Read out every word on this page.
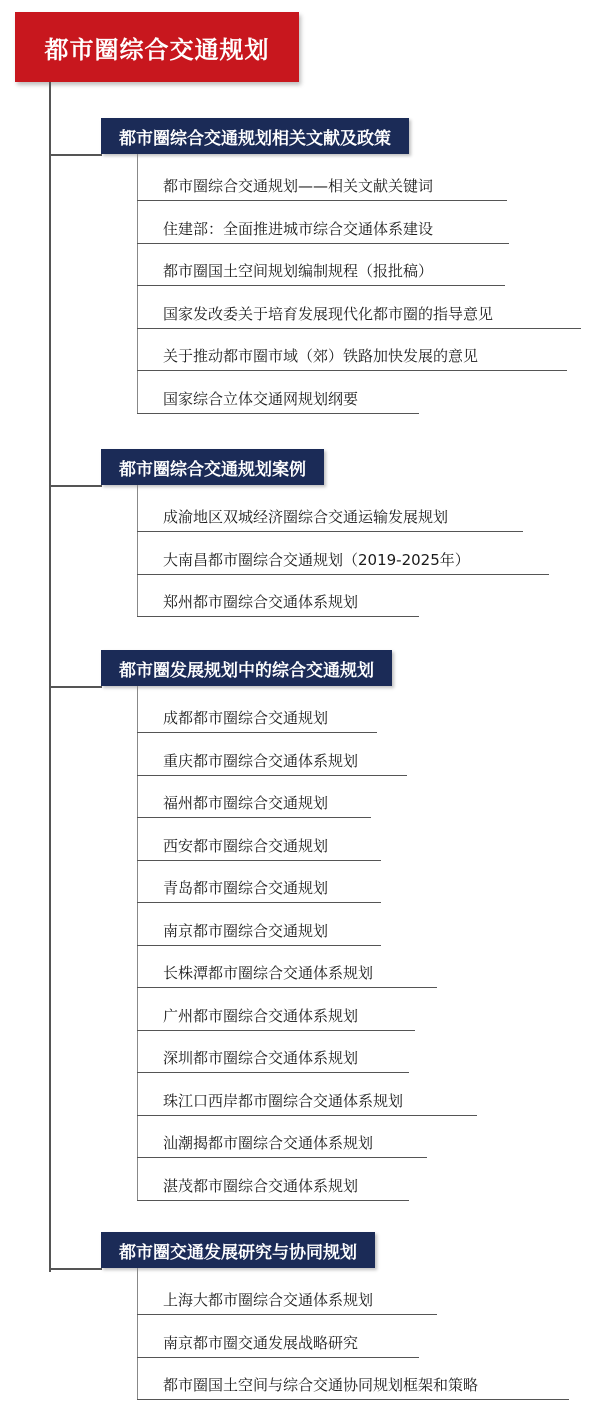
都市圈综合交通规划
都市圈综合交通规划相关文献及政策
都市圈综合交通规划——相关文献关键词
住建部：全面推进城市综合交通体系建设
都市圈国土空间规划编制规程（报批稿）
国家发改委关于培育发展现代化都市圈的指导意见
关于推动都市圈市域（郊）铁路加快发展的意见
国家综合立体交通网规划纲要
都市圈综合交通规划案例
成渝地区双城经济圈综合交通运输发展规划
大南昌都市圈综合交通规划（2019-2025年）
郑州都市圈综合交通体系规划
都市圈发展规划中的综合交通规划
成都都市圈综合交通规划
重庆都市圈综合交通体系规划
福州都市圈综合交通规划
西安都市圈综合交通规划
青岛都市圈综合交通规划
南京都市圈综合交通规划
长株潭都市圈综合交通体系规划
广州都市圈综合交通体系规划
深圳都市圈综合交通体系规划
珠江口西岸都市圈综合交通体系规划
汕潮揭都市圈综合交通体系规划
湛茂都市圈综合交通体系规划
都市圈交通发展研究与协同规划
上海大都市圈综合交通体系规划
南京都市圈交通发展战略研究
都市圈国土空间与综合交通协同规划框架和策略
